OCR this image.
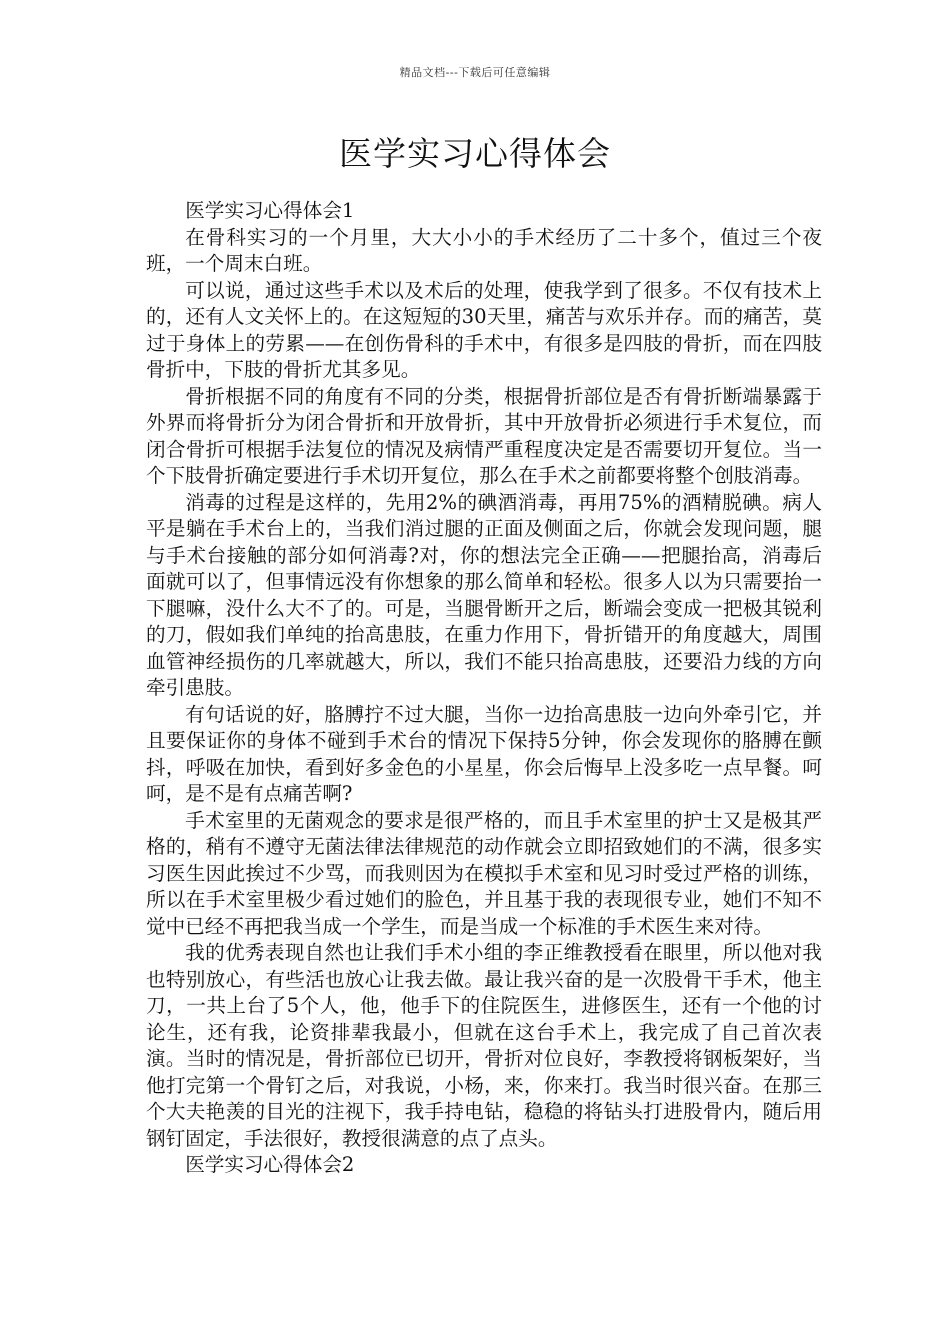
精品文档---下载后可任意编辑
医学实习心得体会

医学实习心得体会1

在骨科实习的一个月里，大大小小的手术经历了二十多个，值过三个夜班，一个周末白班。

可以说，通过这些手术以及术后的处理，使我学到了很多。不仅有技术上的，还有人文关怀上的。在这短短的30天里，痛苦与欢乐并存。而的痛苦，莫过于身体上的劳累——在创伤骨科的手术中，有很多是四肢的骨折，而在四肢骨折中，下肢的骨折尤其多见。

骨折根据不同的角度有不同的分类，根据骨折部位是否有骨折断端暴露于外界而将骨折分为闭合骨折和开放骨折，其中开放骨折必须进行手术复位，而闭合骨折可根据手法复位的情况及病情严重程度决定是否需要切开复位。当一个下肢骨折确定要进行手术切开复位，那么在手术之前都要将整个创肢消毒。

消毒的过程是这样的，先用2%的碘酒消毒，再用75%的酒精脱碘。病人平是躺在手术台上的，当我们消过腿的正面及侧面之后，你就会发现问题，腿与手术台接触的部分如何消毒?对，你的想法完全正确——把腿抬高，消毒后面就可以了，但事情远没有你想象的那么简单和轻松。很多人以为只需要抬一下腿嘛，没什么大不了的。可是，当腿骨断开之后，断端会变成一把极其锐利的刀，假如我们单纯的抬高患肢，在重力作用下，骨折错开的角度越大，周围血管神经损伤的几率就越大，所以，我们不能只抬高患肢，还要沿力线的方向牵引患肢。

有句话说的好，胳膊拧不过大腿，当你一边抬高患肢一边向外牵引它，并且要保证你的身体不碰到手术台的情况下保持5分钟，你会发现你的胳膊在颤抖，呼吸在加快，看到好多金色的小星星，你会后悔早上没多吃一点早餐。呵呵，是不是有点痛苦啊?

手术室里的无菌观念的要求是很严格的，而且手术室里的护士又是极其严格的，稍有不遵守无菌法律法律规范的动作就会立即招致她们的不满，很多实习医生因此挨过不少骂，而我则因为在模拟手术室和见习时受过严格的训练，所以在手术室里极少看过她们的脸色，并且基于我的表现很专业，她们不知不觉中已经不再把我当成一个学生，而是当成一个标准的手术医生来对待。

我的优秀表现自然也让我们手术小组的李正维教授看在眼里，所以他对我也特别放心，有些活也放心让我去做。最让我兴奋的是一次股骨干手术，他主刀，一共上台了5个人，他，他手下的住院医生，进修医生，还有一个他的讨论生，还有我，论资排辈我最小，但就在这台手术上，我完成了自己首次表演。当时的情况是，骨折部位已切开，骨折对位良好，李教授将钢板架好，当他打完第一个骨钉之后，对我说，小杨，来，你来打。我当时很兴奋。在那三个大夫艳羡的目光的注视下，我手持电钻，稳稳的将钻头打进股骨内，随后用钢钉固定，手法很好，教授很满意的点了点头。

医学实习心得体会2
